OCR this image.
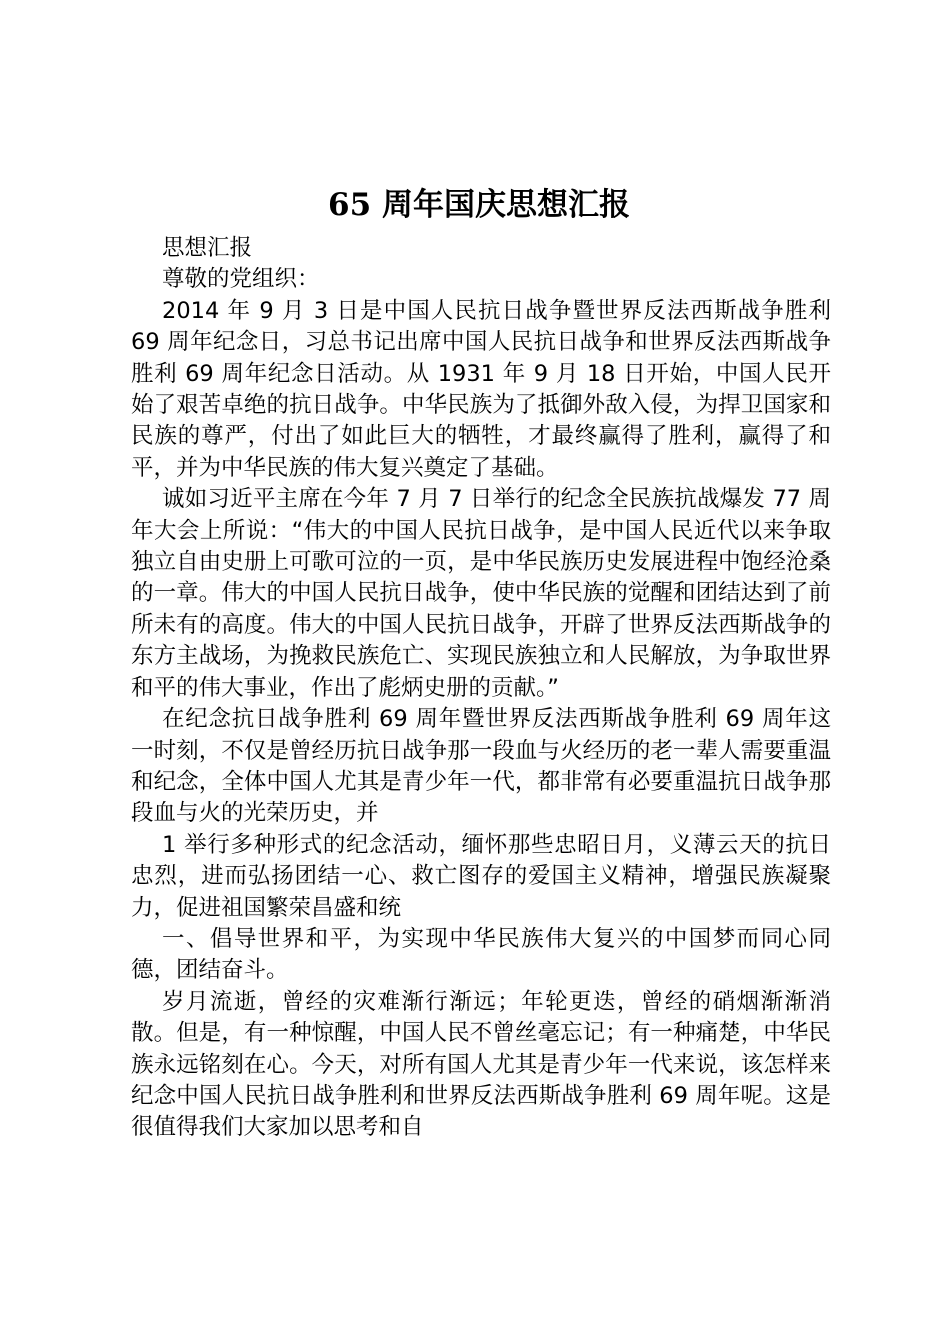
65 周年国庆思想汇报

思想汇报

尊敬的党组织：

2014 年 9 月 3 日是中国人民抗日战争暨世界反法西斯战争胜利 69 周年纪念日，习总书记出席中国人民抗日战争和世界反法西斯战争胜利 69 周年纪念日活动。从 1931 年 9 月 18 日开始，中国人民开始了艰苦卓绝的抗日战争。中华民族为了抵御外敌入侵，为捍卫国家和民族的尊严，付出了如此巨大的牺牲，才最终赢得了胜利，赢得了和平，并为中华民族的伟大复兴奠定了基础。

诚如习近平主席在今年 7 月 7 日举行的纪念全民族抗战爆发 77 周年大会上所说：“伟大的中国人民抗日战争，是中国人民近代以来争取独立自由史册上可歌可泣的一页，是中华民族历史发展进程中饱经沧桑的一章。伟大的中国人民抗日战争，使中华民族的觉醒和团结达到了前所未有的高度。伟大的中国人民抗日战争，开辟了世界反法西斯战争的东方主战场，为挽救民族危亡、实现民族独立和人民解放，为争取世界和平的伟大事业，作出了彪炳史册的贡献。”

在纪念抗日战争胜利 69 周年暨世界反法西斯战争胜利 69 周年这一时刻，不仅是曾经历抗日战争那一段血与火经历的老一辈人需要重温和纪念，全体中国人尤其是青少年一代，都非常有必要重温抗日战争那段血与火的光荣历史，并

1 举行多种形式的纪念活动，缅怀那些忠昭日月，义薄云天的抗日忠烈，进而弘扬团结一心、救亡图存的爱国主义精神，增强民族凝聚力，促进祖国繁荣昌盛和统

一、倡导世界和平，为实现中华民族伟大复兴的中国梦而同心同德，团结奋斗。

岁月流逝，曾经的灾难渐行渐远；年轮更迭，曾经的硝烟渐渐消散。但是，有一种惊醒，中国人民不曾丝毫忘记；有一种痛楚，中华民族永远铭刻在心。今天，对所有国人尤其是青少年一代来说，该怎样来纪念中国人民抗日战争胜利和世界反法西斯战争胜利 69 周年呢。这是很值得我们大家加以思考和自
